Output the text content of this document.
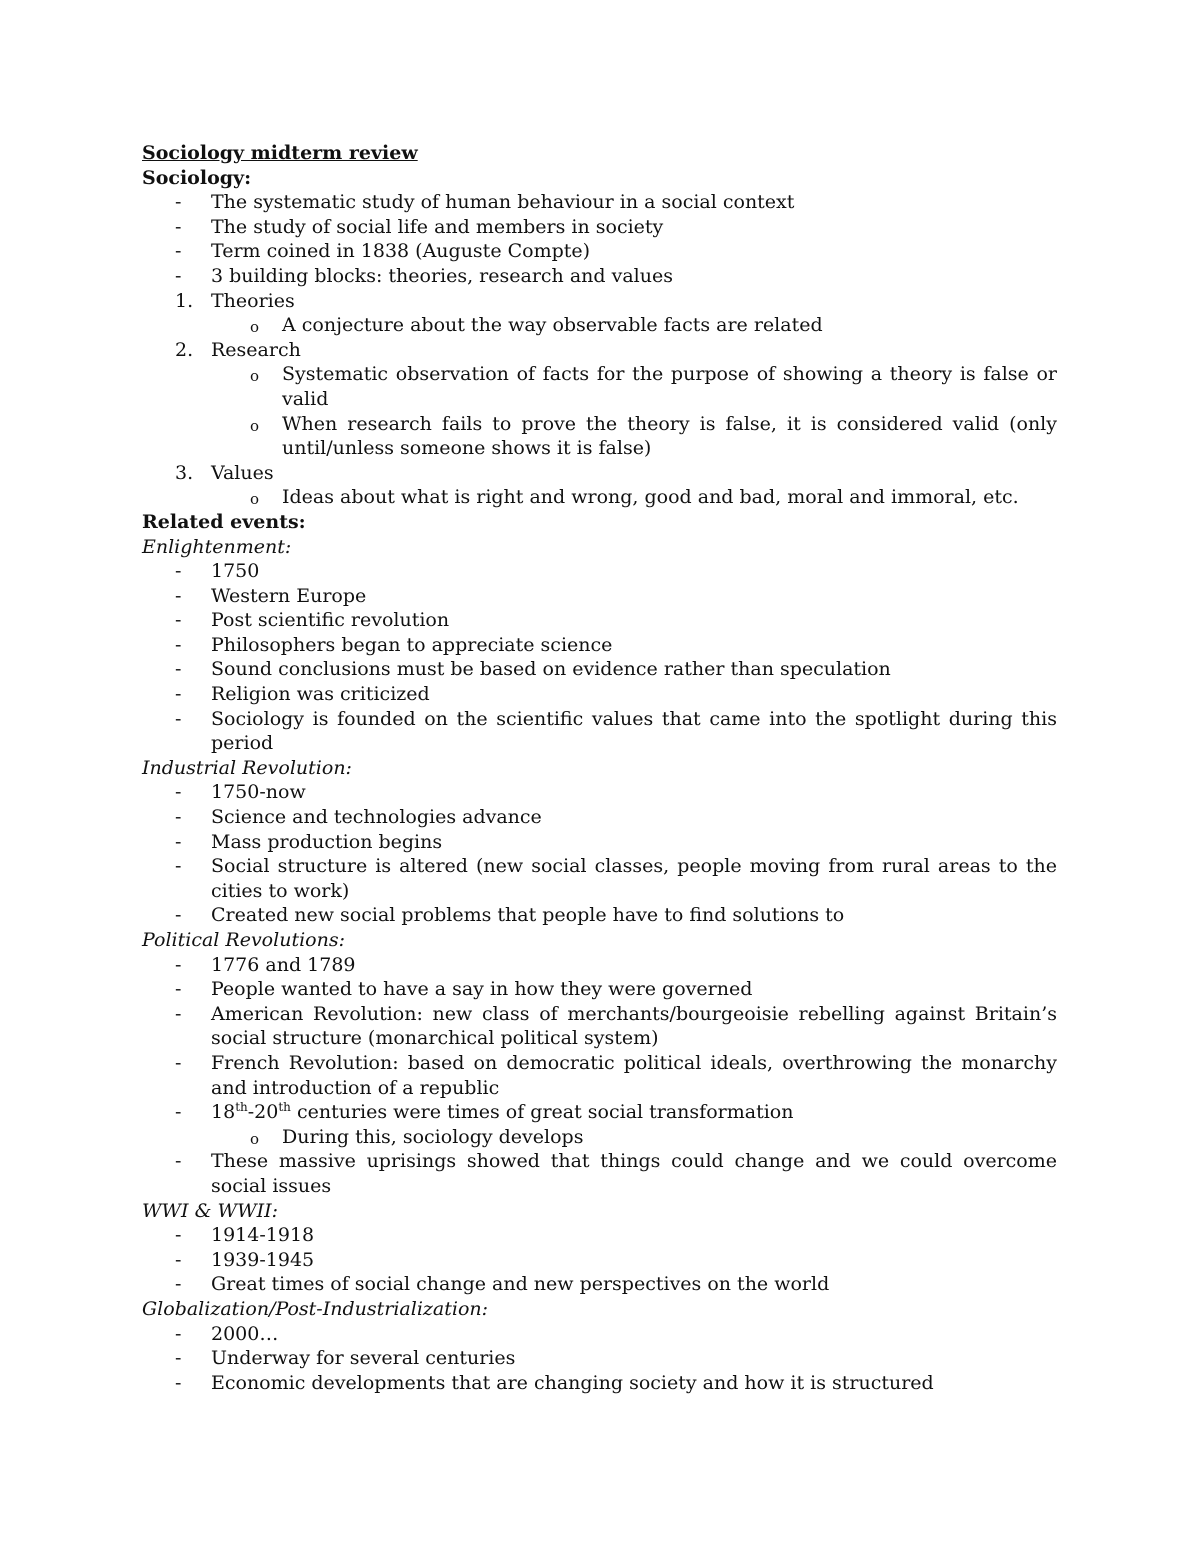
Sociology midterm review
Sociology:
- The systematic study of human behaviour in a social context
- The study of social life and members in society
- Term coined in 1838 (Auguste Compte)
- 3 building blocks: theories, research and values
1. Theories
o A conjecture about the way observable facts are related
2. Research
o Systematic observation of facts for the purpose of showing a theory is false or valid
o When research fails to prove the theory is false, it is considered valid (only until/unless someone shows it is false)
3. Values
o Ideas about what is right and wrong, good and bad, moral and immoral, etc.
Related events:
Enlightenment:
- 1750
- Western Europe
- Post scientific revolution
- Philosophers began to appreciate science
- Sound conclusions must be based on evidence rather than speculation
- Religion was criticized
- Sociology is founded on the scientific values that came into the spotlight during this period
Industrial Revolution:
- 1750-now
- Science and technologies advance
- Mass production begins
- Social structure is altered (new social classes, people moving from rural areas to the cities to work)
- Created new social problems that people have to find solutions to
Political Revolutions:
- 1776 and 1789
- People wanted to have a say in how they were governed
- American Revolution: new class of merchants/bourgeoisie rebelling against Britain’s social structure (monarchical political system)
- French Revolution: based on democratic political ideals, overthrowing the monarchy and introduction of a republic
- 18th-20th centuries were times of great social transformation
o During this, sociology develops
- These massive uprisings showed that things could change and we could overcome social issues
WWI & WWII:
- 1914-1918
- 1939-1945
- Great times of social change and new perspectives on the world
Globalization/Post-Industrialization:
- 2000…
- Underway for several centuries
- Economic developments that are changing society and how it is structured
